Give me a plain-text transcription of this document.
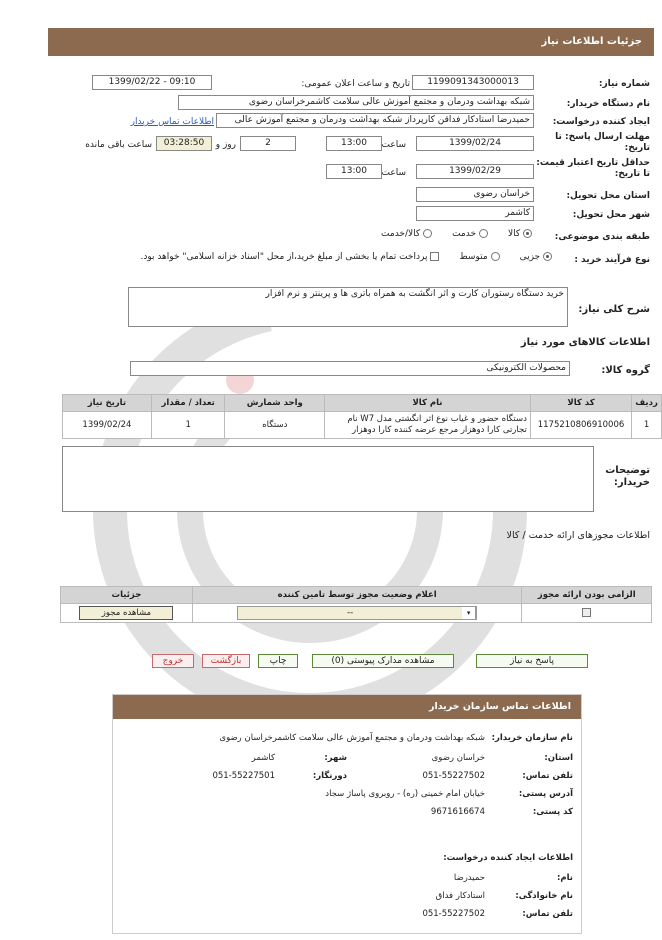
جزئیات اطلاعات نیاز
شماره نیاز:
1199091343000013
تاریخ و ساعت اعلان عمومی:
1399/02/22 - 09:10
نام دستگاه خریدار:
شبکه بهداشت ودرمان و مجتمع آموزش عالی سلامت کاشمرخراسان رضوی
ایجاد کننده درخواست:
حمیدرضا استادکار فداقن کارپرداز شبکه بهداشت ودرمان و مجتمع آموزش عالی
اطلاعات تماس خریدار
مهلت ارسال پاسخ: تا تاریخ:
1399/02/24
ساعت
13:00
2
روز و
03:28:50
ساعت باقی مانده
حداقل تاریخ اعتبار قیمت: تا تاریخ:
1399/02/29
ساعت
13:00
استان محل تحویل:
خراسان رضوی
شهر محل تحویل:
کاشمر
طبقه بندی موضوعی:
کالا        خدمت        کالا/خدمت
نوع فرآیند خرید :
جزیی        متوسط        پرداخت تمام یا بخشی از مبلغ خرید،از محل "اسناد خزانه اسلامی" خواهد بود.
شرح کلی نیاز:
خرید دستگاه رستوران کارت و اثر انگشت به همراه باتری ها و پرینتر و نرم افزار
اطلاعات کالاهای مورد نیاز
گروه کالا:
محصولات الکترونیکی
ردیف	کد کالا	نام کالا	واحد شمارش	تعداد / مقدار	تاریخ نیاز
1	1175210806910006	دستگاه حضور و غیاب نوع اثر انگشتی مدل W7 نام تجارتی کارا دوهزار مرجع عرضه کننده کارا دوهزار	دستگاه	1	1399/02/24
توضیحات خریدار:
اطلاعات مجوزهای ارائه خدمت / کالا
الزامی بودن ارائه مجوز	اعلام وضعیت مجوز توسط تامین کننده	جزئیات

	-- ▾	مشاهده مجوز
پاسخ به نیاز
مشاهده مدارک پیوستی (0)
چاپ
بازگشت
خروج
اطلاعات تماس سازمان خریدار
نام سازمان خریدار:
شبکه بهداشت ودرمان و مجتمع آموزش عالی سلامت کاشمرخراسان رضوی
استان:
خراسان رضوی
شهر:
کاشمر
تلفن تماس:
051-55227502
دورنگار:
051-55227501
آدرس پستی:
خیابان امام خمینی (ره) - روبروی پاساژ سجاد
کد پستی:
9671616674
اطلاعات ایجاد کننده درخواست:
نام:
حمیدرضا
نام خانوادگی:
استادکار فداق
تلفن تماس:
051-55227502
